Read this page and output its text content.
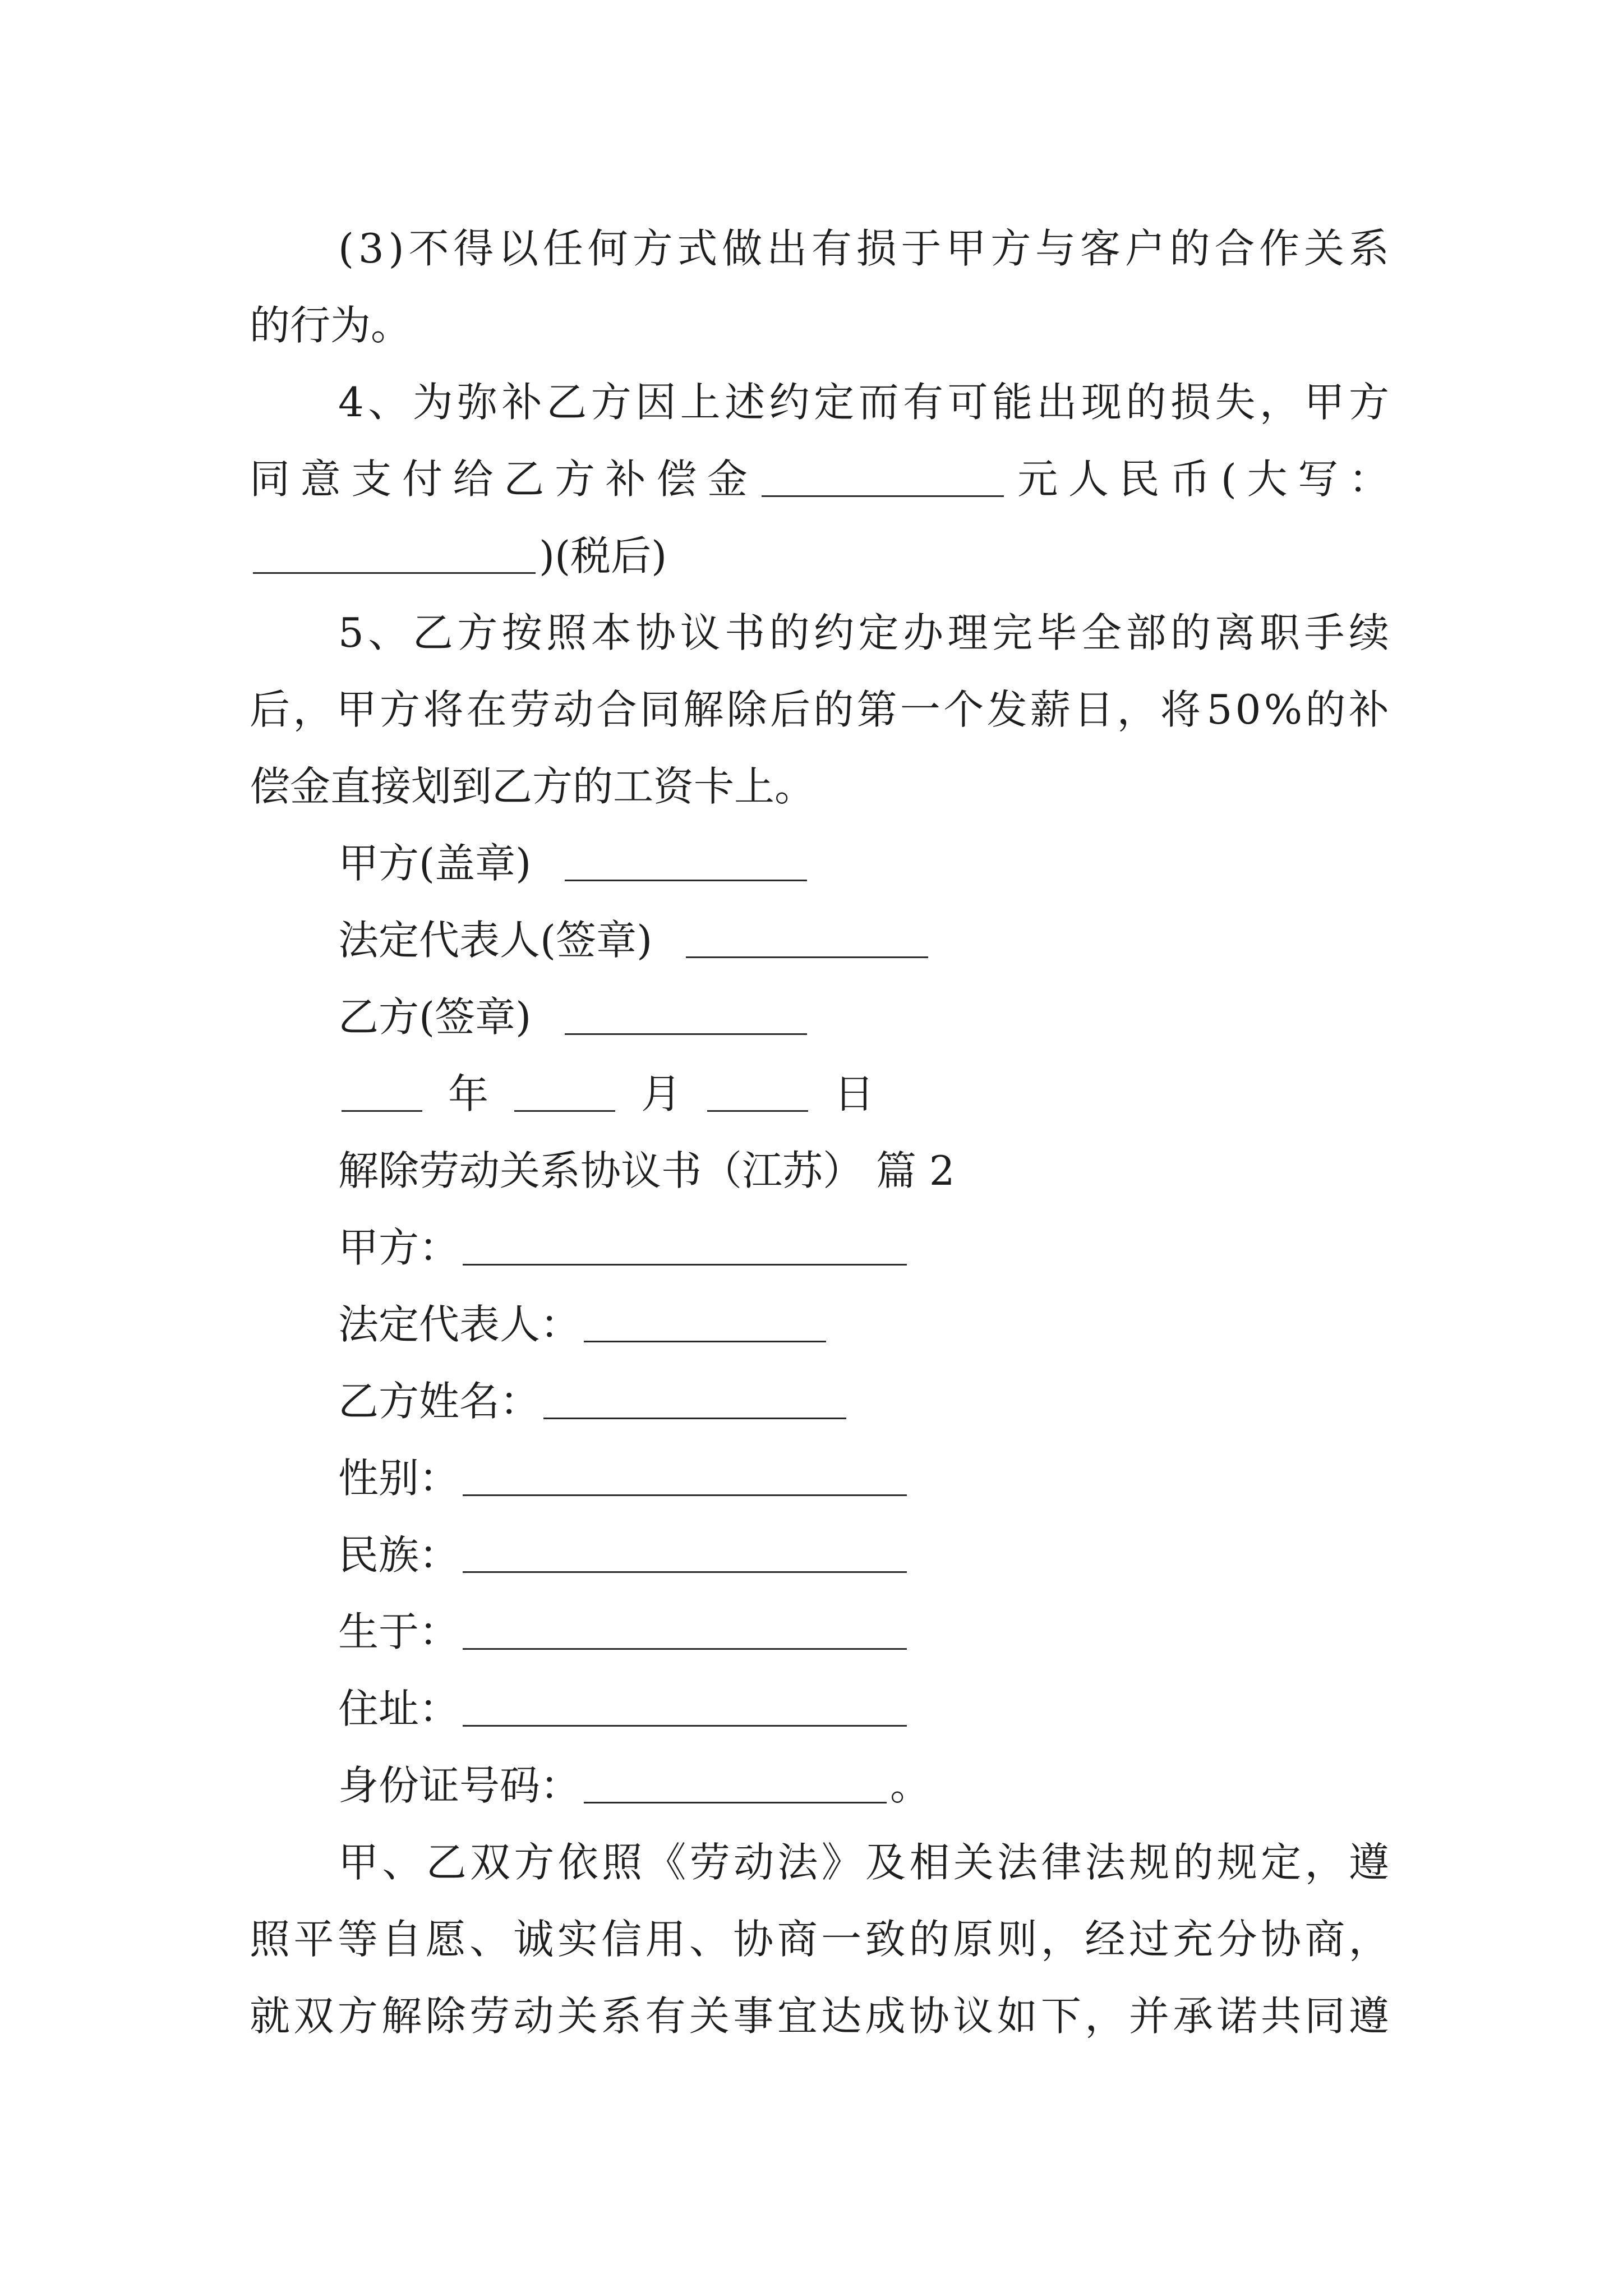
( 3 ) 不 得 以 任 何 方 式 做 出 有 损 于 甲 方 与 客 户 的 合 作 关 系
的行为。
4 、 为 弥 补 乙 方 因 上 述 约 定 而 有 可 能 出 现 的 损 失 ， 甲 方
同 意 支 付 给 乙 方 补 偿 金	元 人 民 币 ( 大 写 ：
)(税后)
5 、 乙 方 按 照 本 协 议 书 的 约 定 办 理 完 毕 全 部 的 离 职 手 续
后 ， 甲 方 将 在 劳 动 合 同 解 除 后 的 第 一 个 发 薪 日 ， 将 5 0 % 的 补
偿金直接划到乙方的工资卡上。
甲方(盖章)
法定代表人(签章)
乙方(签章)
年	月	日
解除劳动关系协议书（江苏） 篇 2
甲方：
法定代表人：
乙方姓名：
性别：
民族：
生于：
住址：
身份证号码：	。
甲 、 乙 双 方 依 照 《 劳 动 法 》 及 相 关 法 律 法 规 的 规 定 ， 遵
照 平 等 自 愿 、 诚 实 信 用 、 协 商 一 致 的 原 则 ， 经 过 充 分 协 商 ，
就 双 方 解 除 劳 动 关 系 有 关 事 宜 达 成 协 议 如 下 ， 并 承 诺 共 同 遵
